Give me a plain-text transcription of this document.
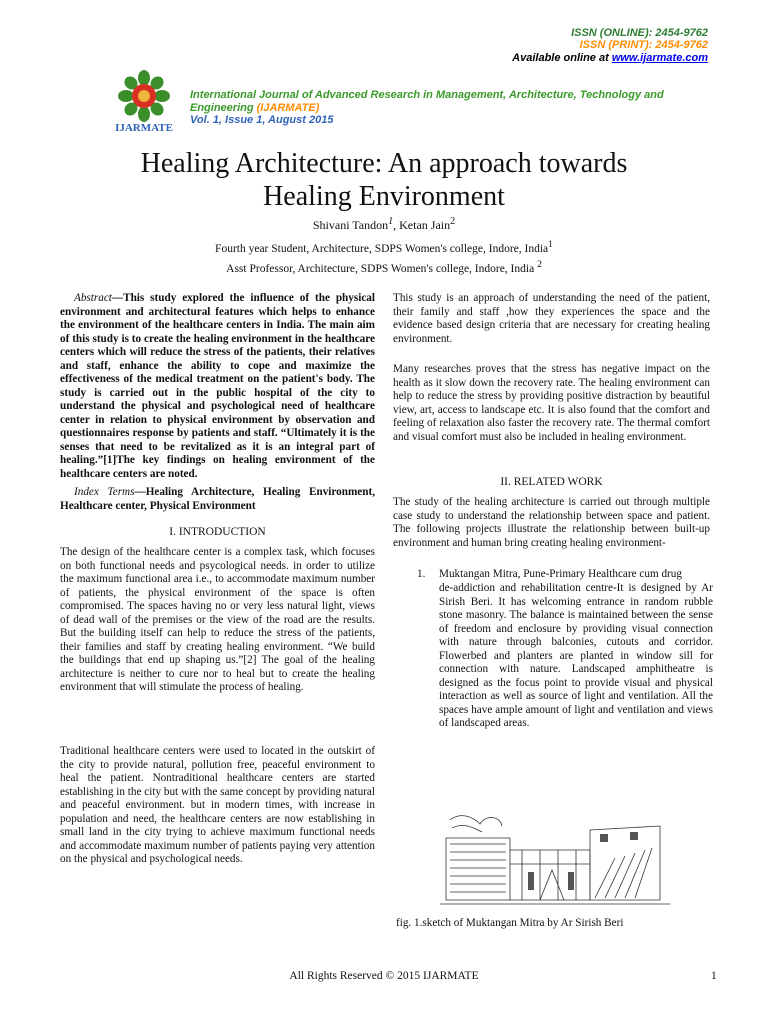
ISSN (ONLINE): 2454-9762
ISSN (PRINT): 2454-9762
Available online at www.ijarmate.com
IJARMATE
International Journal of Advanced Research in Management, Architecture, Technology and Engineering (IJARMATE)
Vol. 1, Issue 1, August 2015
Healing Architecture: An approach towards
Healing Environment
Shivani Tandon$^1$, Ketan Jain$^2$
Fourth year Student, Architecture, SDPS Women's college, Indore, India$^1$
Asst Professor, Architecture, SDPS Women's college, Indore, India $^2$

Abstract—This study explored the influence of the physical environment and architectural features which helps to enhance the environment of the healthcare centers in India. The main aim of this study is to create the healing environment in the healthcare centers which will reduce the stress of the patients, their relatives and staff, enhance the ability to cope and maximize the effectiveness of the medical treatment on the patient's body. The study is carried out in the public hospital of the city to understand the physical and psychological need of healthcare center in relation to physical environment by observation and questionnaires response by patients and staff. “Ultimately it is the senses that need to be revitalized as it is an integral part of healing.”[1]The key findings on healing environment of the healthcare centers are noted.

Index Terms—Healing Architecture, Healing Environment, Healthcare center, Physical Environment

I. INTRODUCTION
The design of the healthcare center is a complex task, which focuses on both functional needs and psycological needs. in order to utilize the maximum functional area i.e., to accommodate maximum number of patients, the physical environment of the space is often compromised. The spaces having no or very less natural light, views of dead wall of the premises or the view of the road are the results. But the building itself can help to reduce the stress of the patients, their families and staff by creating healing environment. “We build the buildings that end up shaping us.”[2] The goal of the healing architecture is neither to cure nor to heal but to create the healing environment that will stimulate the process of healing.
Traditional healthcare centers were used to located in the outskirt of the city to provide natural, pollution free, peaceful environment to heal the patient. Nontraditional healthcare centers are started establishing in the city but with the same concept by providing natural and peaceful environment. but in modern times, with increase in population and need, the healthcare centers are now establishing in small land in the city trying to achieve maximum functional needs and accommodate maximum number of patients paying very attention on the physical and psychological needs.
This study is an approach of understanding the need of the patient, their family and staff ,how they experiences the space and the evidence based design criteria that are necessary for creating healing environment.
Many researches proves that the stress has negative impact on the health as it slow down the recovery rate. The healing environment can help to reduce the stress by providing positive distraction by beautiful view, art, access to landscape etc. It is also found that the comfort and feeling of relaxation also faster the recovery rate. The thermal comfort and visual comfort must also be included in healing environment.
II. RELATED WORK
The study of the healing architecture is carried out through multiple case study to understand the relationship between space and patient. The following projects illustrate the relationship between built-up environment and human bring creating healing environment-
1.	Muktangan Mitra, Pune-Primary Healthcare cum drug
de-addiction and rehabilitation centre-It is designed by Ar Sirish Beri. It has welcoming entrance in random rubble stone masonry. The balance is maintained between the sense of freedom and enclosure by providing visual connection with nature through balconies, cutouts and corridor. Flowerbed and planters are planted in window sill for connection with nature. Landscaped amphitheatre is designed as the focus point to provide visual and physical interaction as well as source of light and ventilation. All the spaces have ample amount of light and ventilation and views of landscaped areas.
fig. 1.sketch of Muktangan Mitra by Ar Sirish Beri
All Rights Reserved © 2015 IJARMATE	1
